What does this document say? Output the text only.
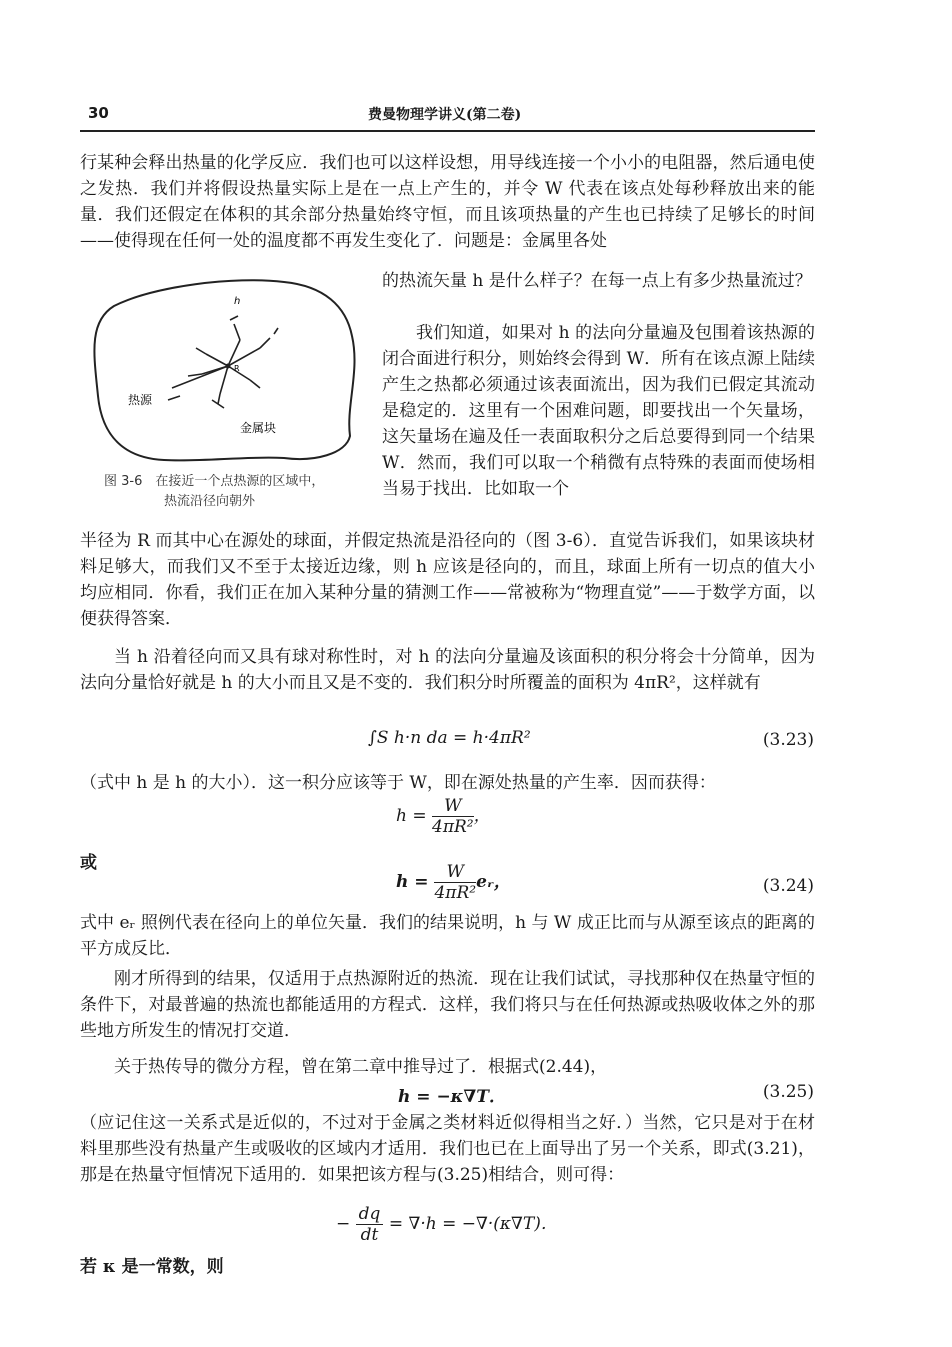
30	费曼物理学讲义(第二卷)

行某种会释出热量的化学反应．我们也可以这样设想，用导线连接一个小小的电阻器，然后通电使之发热．我们并将假设热量实际上是在一点上产生的，并令 W 代表在该点处每秒释放出来的能量．我们还假定在体积的其余部分热量始终守恒，而且该项热量的产生也已持续了足够长的时间——使得现在任何一处的温度都不再发生变化了．问题是：金属里各处

h
R
热源
金属块
图 3-6　在接近一个点热源的区域中，
热流沿径向朝外

的热流矢量 h 是什么样子？在每一点上有多少热量流过？

我们知道，如果对 h 的法向分量遍及包围着该热源的闭合面进行积分，则始终会得到 W．所有在该点源上陆续产生之热都必须通过该表面流出，因为我们已假定其流动是稳定的．这里有一个困难问题，即要找出一个矢量场，这矢量场在遍及任一表面取积分之后总要得到同一个结果 W．然而，我们可以取一个稍微有点特殊的表面而使场相当易于找出．比如取一个

半径为 R 而其中心在源处的球面，并假定热流是沿径向的（图 3-6）．直觉告诉我们，如果该块材料足够大，而我们又不至于太接近边缘，则 h 应该是径向的，而且，球面上所有一切点的值大小均应相同．你看，我们正在加入某种分量的猜测工作——常被称为“物理直觉”——于数学方面，以便获得答案．

当 h 沿着径向而又具有球对称性时，对 h 的法向分量遍及该面积的积分将会十分简单，因为法向分量恰好就是 h 的大小而且又是不变的．我们积分时所覆盖的面积为 4πR²，这样就有

∫S h·n da = h·4πR²	(3.23)

（式中 h 是 h 的大小）．这一积分应该等于 W，即在源处热量的产生率．因而获得：

$h = \frac{W}{\text{4πR²}}$ ，
或
$h = \frac{W}{\text{4πR²}}$ eᵣ，	(3.24)

式中 eᵣ 照例代表在径向上的单位矢量．我们的结果说明，h 与 W 成正比而与从源至该点的距离的平方成反比．

刚才所得到的结果，仅适用于点热源附近的热流．现在让我们试试，寻找那种仅在热量守恒的条件下，对最普遍的热流也都能适用的方程式．这样，我们将只与在任何热源或热吸收体之外的那些地方所发生的情况打交道．

关于热传导的微分方程，曾在第二章中推导过了．根据式(2.44)，

h = −κ∇T．	(3.25)

（应记住这一关系式是近似的，不过对于金属之类材料近似得相当之好．）当然，它只是对于在材料里那些没有热量产生或吸收的区域内才适用．我们也已在上面导出了另一个关系，即式(3.21)，那是在热量守恒情况下适用的．如果把该方程与(3.25)相结合，则可得：

− $\frac{dq}{dt} = \nabla\cdot h = -\nabla\cdot(\kappa\nabla T)$．
若 κ 是一常数，则
